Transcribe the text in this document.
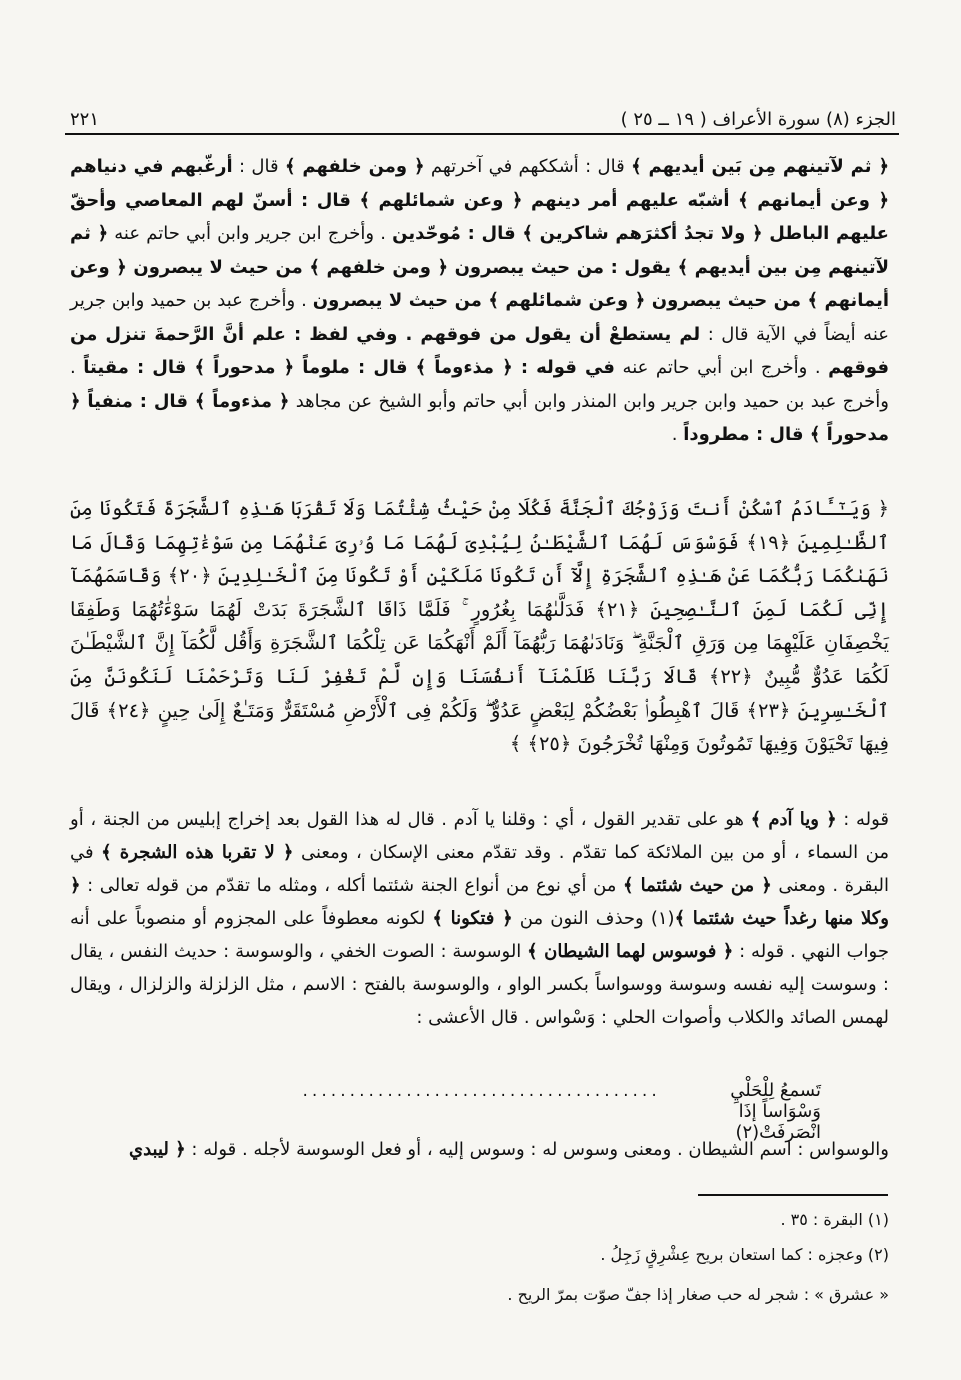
الجزء (٨) سورة الأعراف ( ١٩ ــ ٢٥ )
٢٢١
﴿ ثم لآتينهم مِن بَين أيديهم ﴾ قال : أشككهم في آخرتهم ﴿ ومن خلفهم ﴾ قال : أرغّبهم في دنياهم ﴿ وعن أيمانهم ﴾ أشبّه عليهم أمر دينهم ﴿ وعن شمائلهم ﴾ قال : أسنّ لهم المعاصي وأحقّ عليهم الباطل ﴿ ولا تجدُ أكثرَهم شاكرين ﴾ قال : مُوحّدين . وأخرج ابن جرير وابن أبي حاتم عنه ﴿ ثم لآتينهم مِن بين أيديهم ﴾ يقول : من حيث يبصرون ﴿ ومن خلفهم ﴾ من حيث لا يبصرون ﴿ وعن أيمانهم ﴾ من حيث يبصرون ﴿ وعن شمائلهم ﴾ من حيث لا يبصرون . وأخرج عبد بن حميد وابن جرير عنه أيضاً في الآية قال : لم يستطعْ أن يقول من فوقهم . وفي لفظ : علم أنَّ الرَّحمةَ تنزل من فوقهم . وأخرج ابن أبي حاتم عنه في قوله : ﴿ مذءوماً ﴾ قال : ملوماً ﴿ مدحوراً ﴾ قال : مقيتاً . وأخرج عبد بن حميد وابن جرير وابن المنذر وابن أبي حاتم وأبو الشيخ عن مجاهد ﴿ مذءوماً ﴾ قال : منفياً ﴿ مدحوراً ﴾ قال : مطروداً .
﴿ وَيَـٰٓـَٔادَمُ ٱسْكُنْ أَنتَ وَزَوْجُكَ ٱلْجَنَّةَ فَكُلَا مِنْ حَيْثُ شِئْتُمَا وَلَا تَقْرَبَا هَـٰذِهِ ٱلشَّجَرَةَ فَتَكُونَا مِنَ ٱلظَّـٰلِمِينَ ﴿١٩﴾ فَوَسْوَسَ لَهُمَا ٱلشَّيْطَـٰنُ لِيُبْدِىَ لَهُمَا مَا وُۥرِىَ عَنْهُمَا مِن سَوْءَٰتِهِمَا وَقَالَ مَا نَهَىٰكُمَا رَبُّكُمَا عَنْ هَـٰذِهِ ٱلشَّجَرَةِ إِلَّآ أَن تَكُونَا مَلَكَيْنِ أَوْ تَكُونَا مِنَ ٱلْخَـٰلِدِينَ ﴿٢٠﴾ وَقَاسَمَهُمَآ إِنِّى لَكُمَا لَمِنَ ٱلنَّـٰصِحِينَ ﴿٢١﴾ فَدَلَّىٰهُمَا بِغُرُورٍ ۚ فَلَمَّا ذَاقَا ٱلشَّجَرَةَ بَدَتْ لَهُمَا سَوْءَٰتُهُمَا وَطَفِقَا يَخْصِفَانِ عَلَيْهِمَا مِن وَرَقِ ٱلْجَنَّةِ ۖ وَنَادَىٰهُمَا رَبُّهُمَآ أَلَمْ أَنْهَكُمَا عَن تِلْكُمَا ٱلشَّجَرَةِ وَأَقُل لَّكُمَآ إِنَّ ٱلشَّيْطَـٰنَ لَكُمَا عَدُوٌّ مُّبِينٌ ﴿٢٢﴾ قَالَا رَبَّنَا ظَلَمْنَآ أَنفُسَنَا وَإِن لَّمْ تَغْفِرْ لَنَا وَتَرْحَمْنَا لَنَكُونَنَّ مِنَ ٱلْخَـٰسِرِينَ ﴿٢٣﴾ قَالَ ٱهْبِطُوا۟ بَعْضُكُمْ لِبَعْضٍ عَدُوٌّ ۖ وَلَكُمْ فِى ٱلْأَرْضِ مُسْتَقَرٌّ وَمَتَـٰعٌ إِلَىٰ حِينٍ ﴿٢٤﴾ قَالَ فِيهَا تَحْيَوْنَ وَفِيهَا تَمُوتُونَ وَمِنْهَا تُخْرَجُونَ ﴿٢٥﴾ ﴾
قوله : ﴿ ويا آدم ﴾ هو على تقدير القول ، أي : وقلنا يا آدم . قال له هذا القول بعد إخراج إبليس من الجنة ، أو من السماء ، أو من بين الملائكة كما تقدّم . وقد تقدّم معنى الإسكان ، ومعنى ﴿ لا تقربا هذه الشجرة ﴾ في البقرة . ومعنى ﴿ من حيث شئتما ﴾ من أي نوع من أنواع الجنة شئتما أكله ، ومثله ما تقدّم من قوله تعالى : ﴿ وكلا منها رغداً حيث شئتما ﴾(١) وحذف النون من ﴿ فتكونا ﴾ لكونه معطوفاً على المجزوم أو منصوباً على أنه جواب النهي . قوله : ﴿ فوسوس لهما الشيطان ﴾ الوسوسة : الصوت الخفي ، والوسوسة : حديث النفس ، يقال : وسوست إليه نفسه وسوسة ووسواساً بكسر الواو ، والوسوسة بالفتح : الاسم ، مثل الزلزلة والزلزال ، ويقال لهمس الصائد والكلاب وأصوات الحلي : وَسْواس . قال الأعشى :
تَسمعُ لِلْحَلْيِ وَسْوَاساً إذَا انْصَرفَتْ(٢)
......................................
والوسواس : اسم الشيطان . ومعنى وسوس له : وسوس إليه ، أو فعل الوسوسة لأجله . قوله : ﴿ ليبدي
(١) البقرة : ٣٥ .
(٢) وعجزه : كما استعان بريح عِشْرِقٍ زَجِلُ .
« عشرق » : شجر له حب صغار إذا جفّ صوّت بمرّ الريح .
